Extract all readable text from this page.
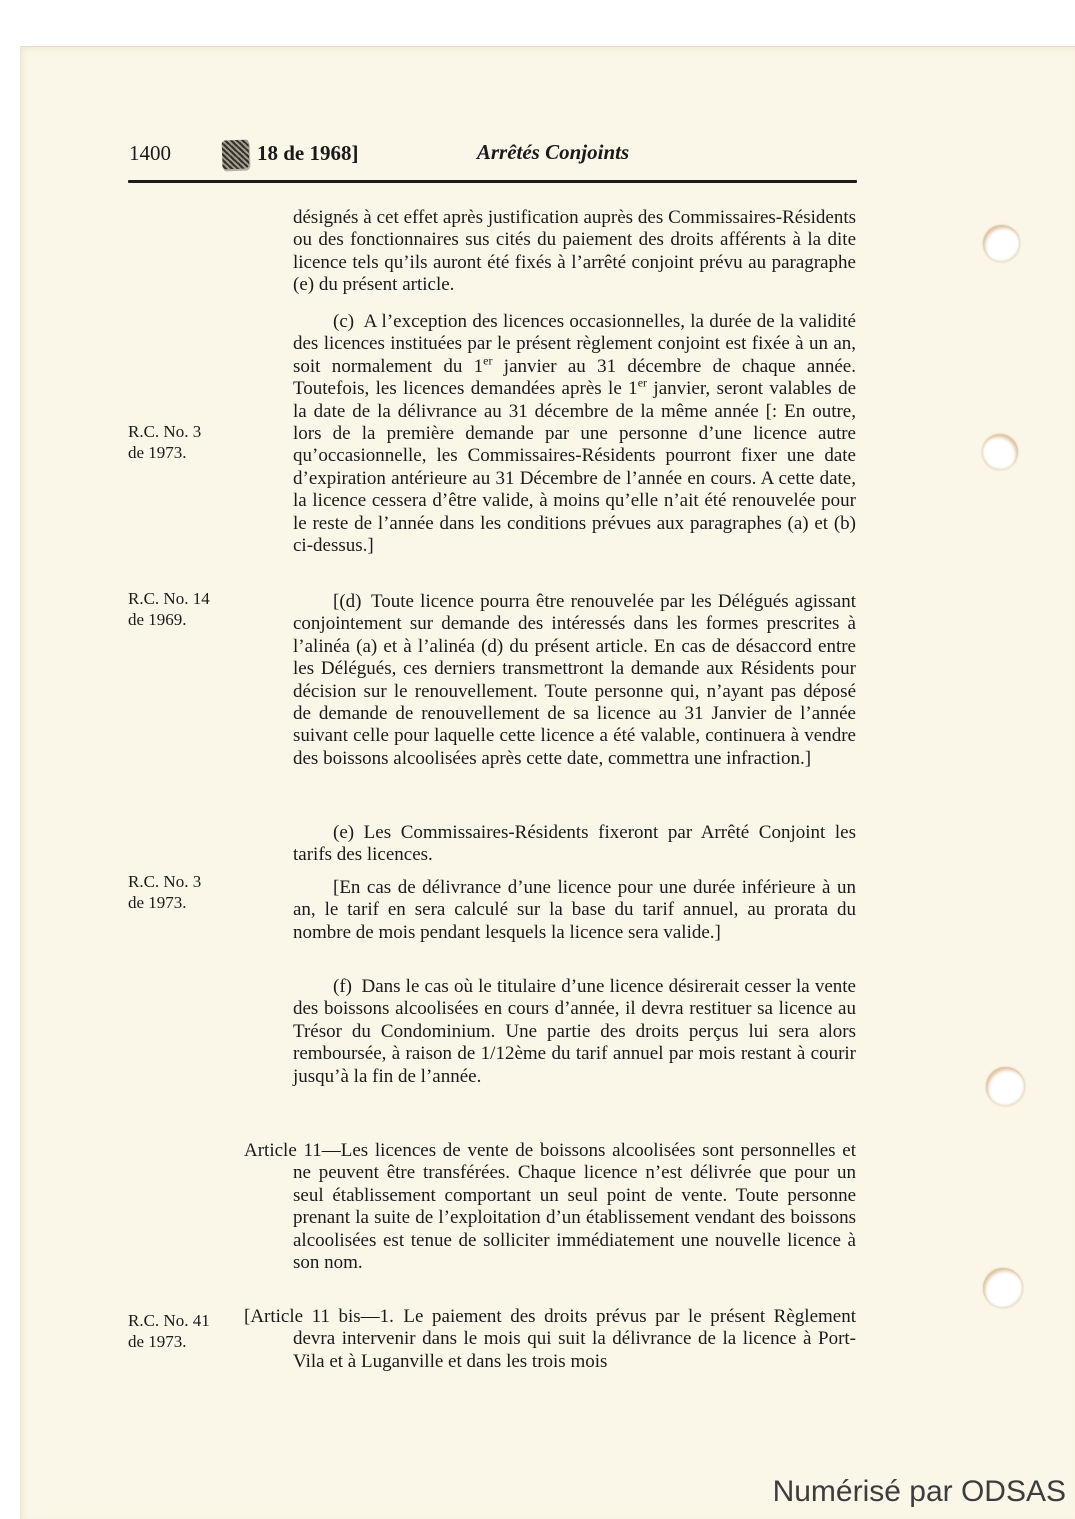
1400	18 de 1968]	Arrêtés Conjoints

désignés à cet effet après justification auprès des Commissaires-Résidents ou des fonctionnaires sus cités du paiement des droits afférents à la dite licence tels qu’ils auront été fixés à l’arrêté conjoint prévu au paragraphe (e) du présent article.

(c) A l’exception des licences occasionnelles, la durée de la validité des licences instituées par le présent règlement conjoint est fixée à un an, soit normalement du 1er janvier au 31 décembre de chaque année. Toutefois, les licences demandées après le 1er janvier, seront valables de la date de la délivrance au 31 décembre de la même année [: En outre, lors de la première demande par une personne d’une licence autre qu’occasionnelle, les Commissaires-Résidents pourront fixer une date d’expiration antérieure au 31 Décembre de l’année en cours. A cette date, la licence cessera d’être valide, à moins qu’elle n’ait été renouvelée pour le reste de l’année dans les conditions prévues aux paragraphes (a) et (b) ci-dessus.]

[(d) Toute licence pourra être renouvelée par les Délégués agissant conjointement sur demande des intéressés dans les formes prescrites à l’alinéa (a) et à l’alinéa (d) du présent article. En cas de désaccord entre les Délégués, ces derniers transmettront la demande aux Résidents pour décision sur le renouvellement. Toute personne qui, n’ayant pas déposé de demande de renouvellement de sa licence au 31 Janvier de l’année suivant celle pour laquelle cette licence a été valable, continuera à vendre des boissons alcoolisées après cette date, commettra une infraction.]

(e) Les Commissaires-Résidents fixeront par Arrêté Conjoint les tarifs des licences.

[En cas de délivrance d’une licence pour une durée inférieure à un an, le tarif en sera calculé sur la base du tarif annuel, au prorata du nombre de mois pendant lesquels la licence sera valide.]

(f) Dans le cas où le titulaire d’une licence désirerait cesser la vente des boissons alcoolisées en cours d’année, il devra restituer sa licence au Trésor du Condominium. Une partie des droits perçus lui sera alors remboursée, à raison de 1/12ème du tarif annuel par mois restant à courir jusqu’à la fin de l’année.

Article 11—Les licences de vente de boissons alcoolisées sont personnelles et ne peuvent être transférées. Chaque licence n’est délivrée que pour un seul établissement comportant un seul point de vente. Toute personne prenant la suite de l’exploitation d’un établissement vendant des boissons alcoolisées est tenue de solliciter immédiatement une nouvelle licence à son nom.

[Article 11 bis—1. Le paiement des droits prévus par le présent Règlement devra intervenir dans le mois qui suit la délivrance de la licence à Port-Vila et à Luganville et dans les trois mois

R.C. No. 3
de 1973.
R.C. No. 14
de 1969.
R.C. No. 3
de 1973.
R.C. No. 41
de 1973.
Numérisé par ODSAS
